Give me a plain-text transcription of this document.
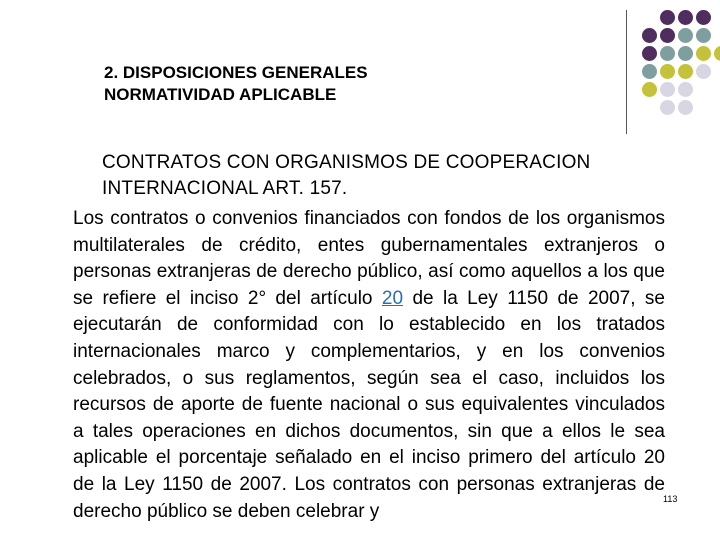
2. DISPOSICIONES GENERALES
NORMATIVIDAD APLICABLE
CONTRATOS CON ORGANISMOS DE COOPERACION
INTERNACIONAL ART. 157.
Los contratos o convenios financiados con fondos de los organismos multilaterales de crédito, entes gubernamentales extranjeros o personas extranjeras de derecho público, así como aquellos a los que se refiere el inciso 2° del artículo 20 de la Ley 1150 de 2007, se ejecutarán de conformidad con lo establecido en los tratados internacionales marco y complementarios, y en los convenios celebrados, o sus reglamentos, según sea el caso, incluidos los recursos de aporte de fuente nacional o sus equivalentes vinculados a tales operaciones en dichos documentos, sin que a ellos le sea aplicable el porcentaje señalado en el inciso primero del artículo 20 de la Ley 1150 de 2007. Los contratos con personas extranjeras de derecho público se deben celebrar y
113
